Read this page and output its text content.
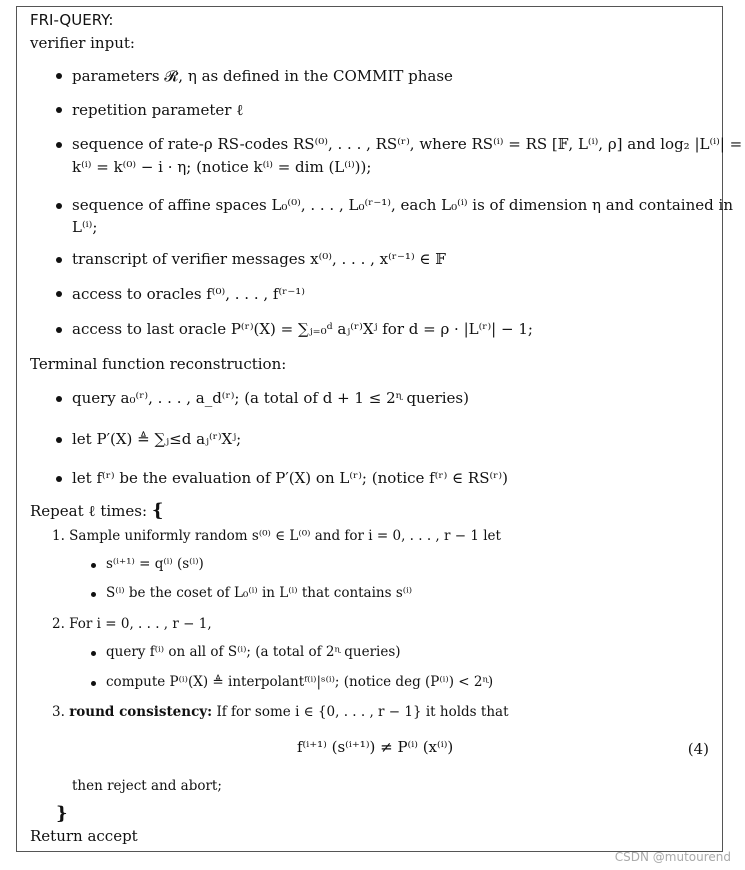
FRI-QUERY:
verifier input:
parameters 𝓡, η as defined in the COMMIT phase
repetition parameter ℓ
sequence of rate-ρ RS-codes RS⁽⁰⁾, . . . , RS⁽ʳ⁾, where RS⁽ⁱ⁾ = RS [𝔽, L⁽ⁱ⁾, ρ] and log₂ |L⁽ⁱ⁾| =
k⁽ⁱ⁾ = k⁽⁰⁾ − i · η; (notice k⁽ⁱ⁾ = dim (L⁽ⁱ⁾));
sequence of affine spaces L₀⁽⁰⁾, . . . , L₀⁽ʳ⁻¹⁾, each L₀⁽ⁱ⁾ is of dimension η and contained in
L⁽ⁱ⁾;
transcript of verifier messages x⁽⁰⁾, . . . , x⁽ʳ⁻¹⁾ ∈ 𝔽
access to oracles f⁽⁰⁾, . . . , f⁽ʳ⁻¹⁾
access to last oracle P⁽ʳ⁾(X) = ∑ⱼ₌₀ᵈ aⱼ⁽ʳ⁾Xʲ for d = ρ · |L⁽ʳ⁾| − 1;
Terminal function reconstruction:
query a₀⁽ʳ⁾, . . . , a_d⁽ʳ⁾; (a total of d + 1 ≤ 2ᶯ queries)
let P′(X) ≜ ∑ⱼ≤d aⱼ⁽ʳ⁾Xʲ;
let f⁽ʳ⁾ be the evaluation of P′(X) on L⁽ʳ⁾; (notice f⁽ʳ⁾ ∈ RS⁽ʳ⁾)
Repeat ℓ times: {
1. Sample uniformly random s⁽⁰⁾ ∈ L⁽⁰⁾ and for i = 0, . . . , r − 1 let
s⁽ⁱ⁺¹⁾ = q⁽ⁱ⁾ (s⁽ⁱ⁾)
S⁽ⁱ⁾ be the coset of L₀⁽ⁱ⁾ in L⁽ⁱ⁾ that contains s⁽ⁱ⁾
2. For i = 0, . . . , r − 1,
query f⁽ⁱ⁾ on all of S⁽ⁱ⁾; (a total of 2ᶯ queries)
compute P⁽ⁱ⁾(X) ≜ interpolantᶠ⁽ⁱ⁾|ˢ⁽ⁱ⁾; (notice deg (P⁽ⁱ⁾) < 2ᶯ)
3. round consistency: If for some i ∈ {0, . . . , r − 1} it holds that
f⁽ⁱ⁺¹⁾ (s⁽ⁱ⁺¹⁾) ≠ P⁽ⁱ⁾ (x⁽ⁱ⁾)	(4)
then reject and abort;
}
Return accept
CSDN @mutourend
